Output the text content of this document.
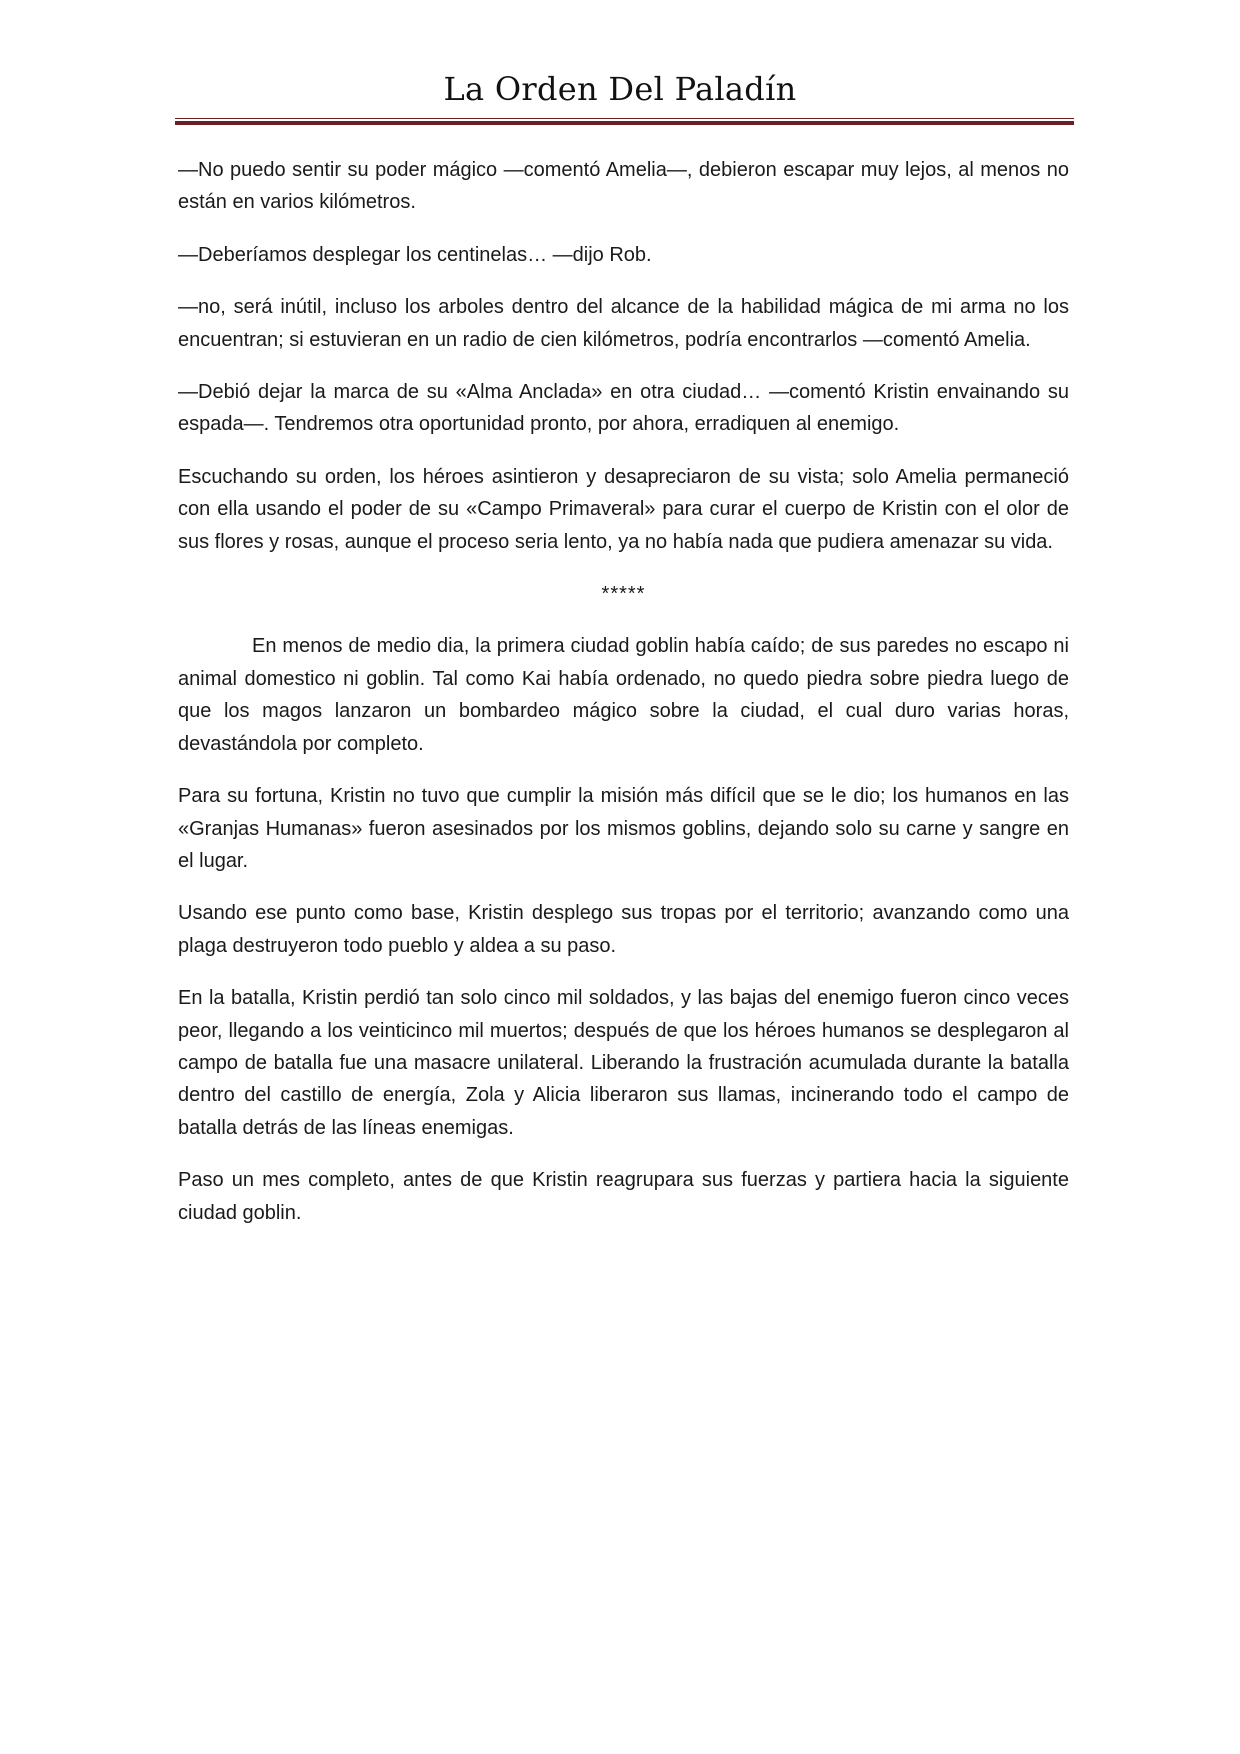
La Orden Del Paladín

—No puedo sentir su poder mágico —comentó Amelia—, debieron escapar muy lejos, al menos no están en varios kilómetros.

—Deberíamos desplegar los centinelas… —dijo Rob.

—no, será inútil, incluso los arboles dentro del alcance de la habilidad mágica de mi arma no los encuentran; si estuvieran en un radio de cien kilómetros, podría encontrarlos —comentó Amelia.

—Debió dejar la marca de su «Alma Anclada» en otra ciudad… —comentó Kristin envainando su espada—. Tendremos otra oportunidad pronto, por ahora, erradiquen al enemigo.

Escuchando su orden, los héroes asintieron y desapreciaron de su vista; solo Amelia permaneció con ella usando el poder de su «Campo Primaveral» para curar el cuerpo de Kristin con el olor de sus flores y rosas, aunque el proceso seria lento, ya no había nada que pudiera amenazar su vida.

*****

En menos de medio dia, la primera ciudad goblin había caído; de sus paredes no escapo ni animal domestico ni goblin. Tal como Kai había ordenado, no quedo piedra sobre piedra luego de que los magos lanzaron un bombardeo mágico sobre la ciudad, el cual duro varias horas, devastándola por completo.

Para su fortuna, Kristin no tuvo que cumplir la misión más difícil que se le dio; los humanos en las «Granjas Humanas» fueron asesinados por los mismos goblins, dejando solo su carne y sangre en el lugar.

Usando ese punto como base, Kristin desplego sus tropas por el territorio; avanzando como una plaga destruyeron todo pueblo y aldea a su paso.

En la batalla, Kristin perdió tan solo cinco mil soldados, y las bajas del enemigo fueron cinco veces peor, llegando a los veinticinco mil muertos; después de que los héroes humanos se desplegaron al campo de batalla fue una masacre unilateral. Liberando la frustración acumulada durante la batalla dentro del castillo de energía, Zola y Alicia liberaron sus llamas, incinerando todo el campo de batalla detrás de las líneas enemigas.

Paso un mes completo, antes de que Kristin reagrupara sus fuerzas y partiera hacia la siguiente ciudad goblin.
